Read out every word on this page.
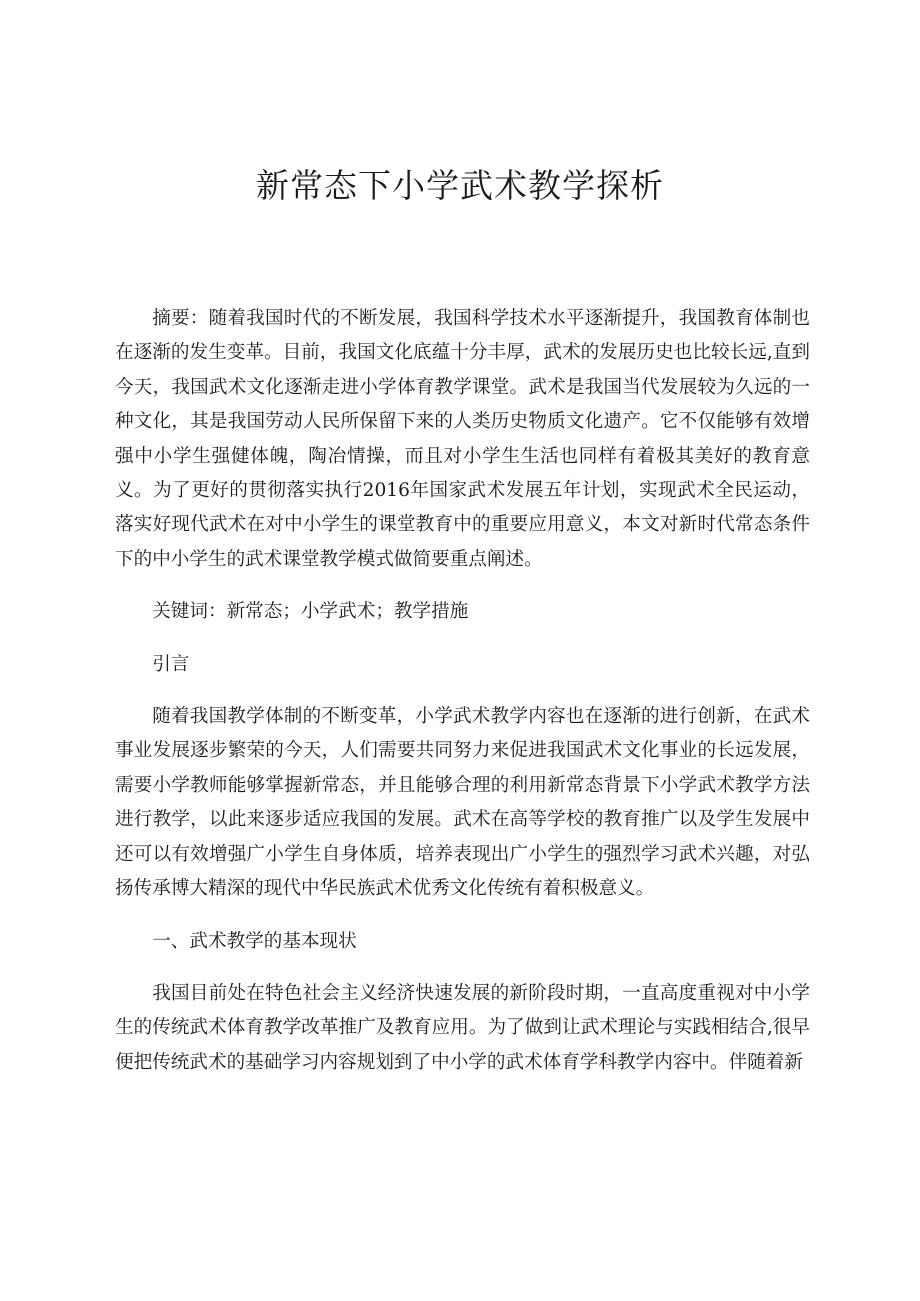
新常态下小学武术教学探析

摘要：随着我国时代的不断发展，我国科学技术水平逐渐提升，我国教育体制也在逐渐的发生变革。目前，我国文化底蕴十分丰厚，武术的发展历史也比较长远,直到今天，我国武术文化逐渐走进小学体育教学课堂。武术是我国当代发展较为久远的一种文化，其是我国劳动人民所保留下来的人类历史物质文化遗产。它不仅能够有效增强中小学生强健体魄，陶冶情操，而且对小学生生活也同样有着极其美好的教育意义。为了更好的贯彻落实执行2016年国家武术发展五年计划，实现武术全民运动，落实好现代武术在对中小学生的课堂教育中的重要应用意义，本文对新时代常态条件下的中小学生的武术课堂教学模式做简要重点阐述。

关键词：新常态；小学武术；教学措施

引言

随着我国教学体制的不断变革，小学武术教学内容也在逐渐的进行创新，在武术事业发展逐步繁荣的今天，人们需要共同努力来促进我国武术文化事业的长远发展，需要小学教师能够掌握新常态，并且能够合理的利用新常态背景下小学武术教学方法进行教学，以此来逐步适应我国的发展。武术在高等学校的教育推广以及学生发展中还可以有效增强广小学生自身体质，培养表现出广小学生的强烈学习武术兴趣，对弘扬传承博大精深的现代中华民族武术优秀文化传统有着积极意义。

一、武术教学的基本现状

我国目前处在特色社会主义经济快速发展的新阶段时期，一直高度重视对中小学生的传统武术体育教学改革推广及教育应用。为了做到让武术理论与实践相结合,很早便把传统武术的基础学习内容规划到了中小学的武术体育学科教学内容中。伴随着新
